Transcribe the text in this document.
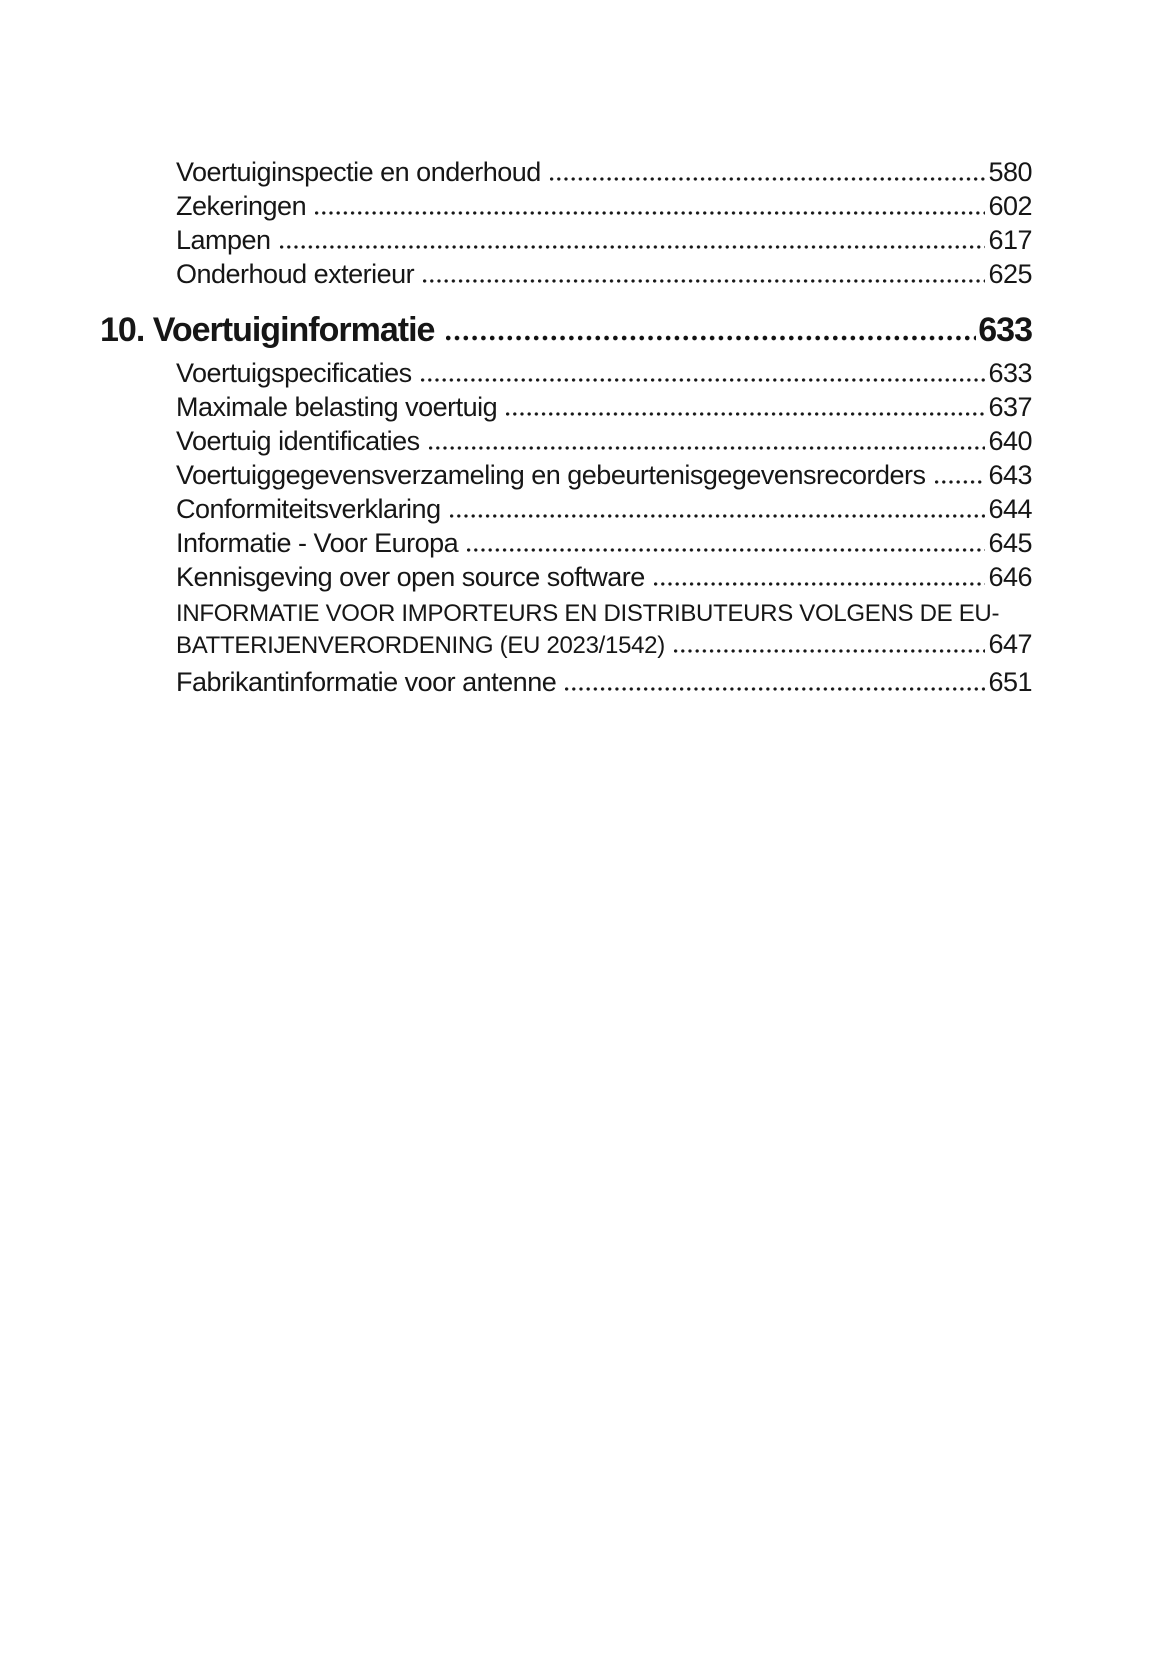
Voertuiginspectie en onderhoud	580
Zekeringen	602
Lampen	617
Onderhoud exterieur	625
10. Voertuiginformatie	633
Voertuigspecificaties	633
Maximale belasting voertuig	637
Voertuig identificaties	640
Voertuiggegevensverzameling en gebeurtenisgegevensrecorders 643
Conformiteitsverklaring	644
Informatie - Voor Europa	645
Kennisgeving over open source software	646
INFORMATIE VOOR IMPORTEURS EN DISTRIBUTEURS VOLGENS DE EU-
BATTERIJENVERORDENING (EU 2023/1542)	647
Fabrikantinformatie voor antenne	651
